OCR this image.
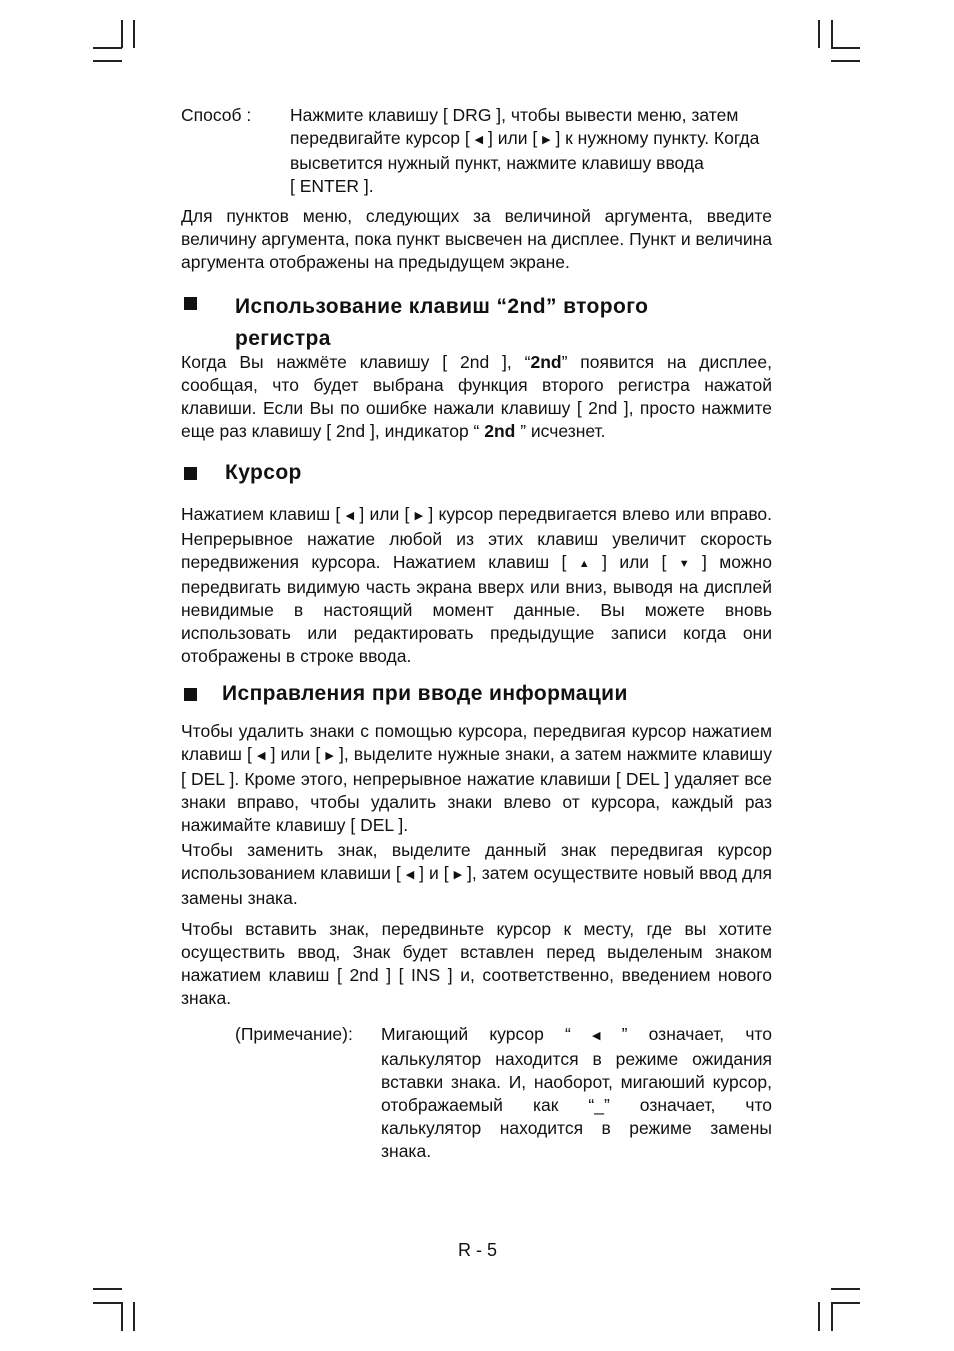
Способ : Нажмите клавишу [ DRG ], чтобы вывести меню, затем
передвигайте курсор [ ◀ ] или [ ▶ ] к нужному пункту. Когда
высветится нужный пункт, нажмите клавишу ввода
[ ENTER ].
Для пунктов меню, следующих за величиной аргумента, введите величину аргумента, пока пункт высвечен на дисплее. Пункт и величина аргумента отображены на предыдущем экране.
Использование клавиш “2nd” второго
регистра
Когда Вы нажмёте клавишу [ 2nd ], “2nd” появится на дисплее, сообщая, что будет выбрана функция второго регистра нажатой клавиши. Если Вы по ошибке нажали клавишу [ 2nd ], просто нажмите еще раз клавишу [ 2nd ], индикатор “ 2nd ” исчезнет.
Курсор
Нажатием клавиш [ ◀ ] или [ ▶ ] курсор передвигается влево или вправо. Непрерывное нажатие любой из этих клавиш увеличит скорость передвижения курсора. Нажатием клавиш [ ▲ ] или [ ▼ ] можно передвигать видимую часть экрана вверх или вниз, выводя на дисплей невидимые в настоящий момент данные. Вы можете вновь использовать или редактировать предыдущие записи когда они отображены в строке ввода.
Исправления при вводе информации
Чтобы удалить знаки с помощью курсора, передвигая курсор нажатием клавиш [ ◀ ] или [ ▶ ], выделите нужные знаки, а затем нажмите клавишу [ DEL ]. Кроме этого, непрерывное нажатие клавиши [ DEL ] удаляет все знаки вправо, чтобы удалить знаки влево от курсора, каждый раз нажимайте клавишу [ DEL ].
Чтобы заменить знак, выделите данный знак передвигая курсор использованием клавиши [ ◀ ] и [ ▶ ], затем осуществите новый ввод для замены знака.
Чтобы вставить знак, передвиньте курсор к месту, где вы хотите осуществить ввод, Знак будет вставлен перед выделеным знаком нажатием клавиш [ 2nd ] [ INS ] и, соответственно, введением нового знака.
(Примечание): Мигающий курсор “ ◀ ” означает, что калькулятор находится в режиме ожидания вставки знака. И, наоборот, мигаюший курсор, отображаемый как “_” означает, что калькулятор находится в режиме замены знака.
R - 5
